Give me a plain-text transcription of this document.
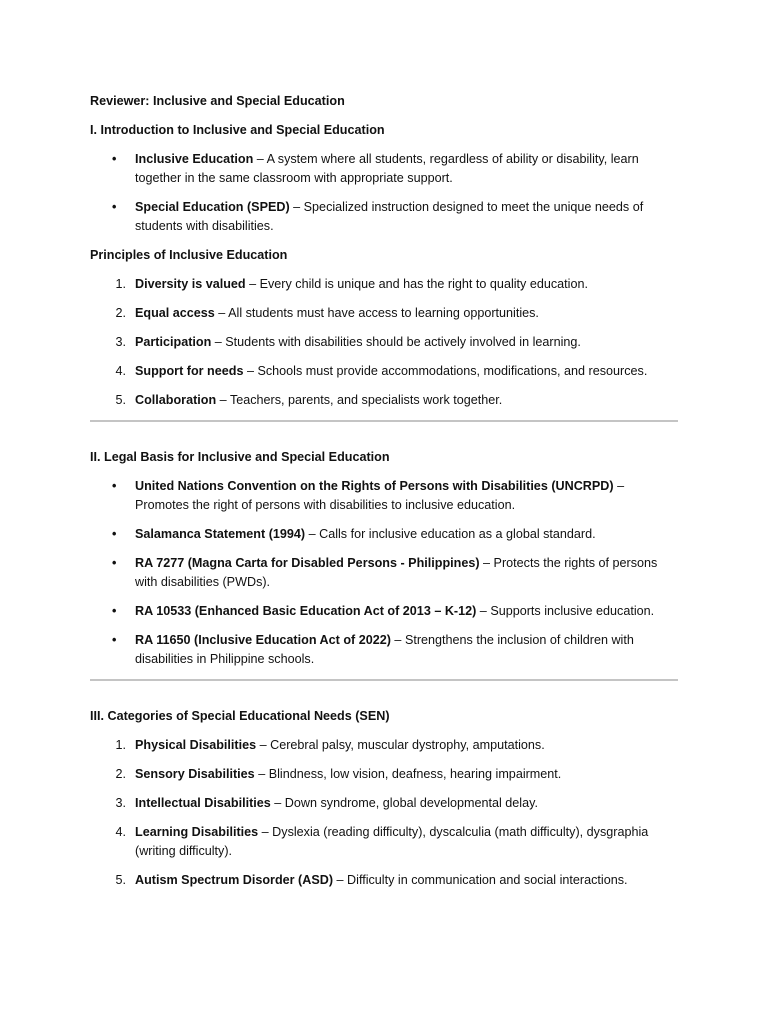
Reviewer: Inclusive and Special Education
I. Introduction to Inclusive and Special Education
•	Inclusive Education – A system where all students, regardless of ability or disability, learn together in the same classroom with appropriate support.
•	Special Education (SPED) – Specialized instruction designed to meet the unique needs of students with disabilities.
Principles of Inclusive Education
1. Diversity is valued – Every child is unique and has the right to quality education.
2. Equal access – All students must have access to learning opportunities.
3. Participation – Students with disabilities should be actively involved in learning.
4. Support for needs – Schools must provide accommodations, modifications, and resources.
5. Collaboration – Teachers, parents, and specialists work together.
II. Legal Basis for Inclusive and Special Education
•	United Nations Convention on the Rights of Persons with Disabilities (UNCRPD) – Promotes the right of persons with disabilities to inclusive education.
•	Salamanca Statement (1994) – Calls for inclusive education as a global standard.
•	RA 7277 (Magna Carta for Disabled Persons - Philippines) – Protects the rights of persons with disabilities (PWDs).
•	RA 10533 (Enhanced Basic Education Act of 2013 – K-12) – Supports inclusive education.
•	RA 11650 (Inclusive Education Act of 2022) – Strengthens the inclusion of children with disabilities in Philippine schools.
III. Categories of Special Educational Needs (SEN)
1. Physical Disabilities – Cerebral palsy, muscular dystrophy, amputations.
2. Sensory Disabilities – Blindness, low vision, deafness, hearing impairment.
3. Intellectual Disabilities – Down syndrome, global developmental delay.
4. Learning Disabilities – Dyslexia (reading difficulty), dyscalculia (math difficulty), dysgraphia (writing difficulty).
5. Autism Spectrum Disorder (ASD) – Difficulty in communication and social interactions.
